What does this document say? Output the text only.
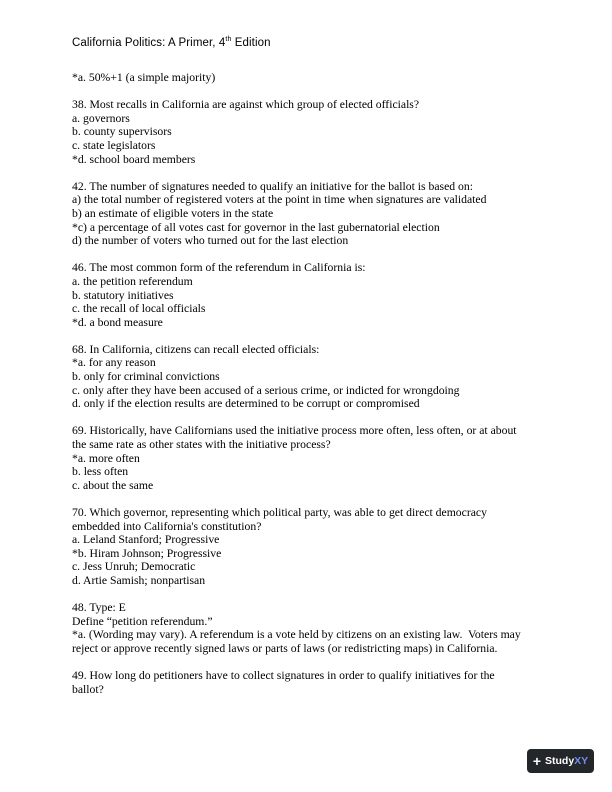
California Politics: A Primer, 4th Edition
*a. 50%+1 (a simple majority)
38. Most recalls in California are against which group of elected officials?
a. governors
b. county supervisors
c. state legislators
*d. school board members
42. The number of signatures needed to qualify an initiative for the ballot is based on:
a) the total number of registered voters at the point in time when signatures are validated
b) an estimate of eligible voters in the state
*c) a percentage of all votes cast for governor in the last gubernatorial election
d) the number of voters who turned out for the last election
46. The most common form of the referendum in California is:
a. the petition referendum
b. statutory initiatives
c. the recall of local officials
*d. a bond measure
68. In California, citizens can recall elected officials:
*a. for any reason
b. only for criminal convictions
c. only after they have been accused of a serious crime, or indicted for wrongdoing
d. only if the election results are determined to be corrupt or compromised
69. Historically, have Californians used the initiative process more often, less often, or at about
the same rate as other states with the initiative process?
*a. more often
b. less often
c. about the same
70. Which governor, representing which political party, was able to get direct democracy
embedded into California's constitution?
a. Leland Stanford; Progressive
*b. Hiram Johnson; Progressive
c. Jess Unruh; Democratic
d. Artie Samish; nonpartisan
48. Type: E
Define “petition referendum.”
*a. (Wording may vary). A referendum is a vote held by citizens on an existing law.  Voters may
reject or approve recently signed laws or parts of laws (or redistricting maps) in California.
49. How long do petitioners have to collect signatures in order to qualify initiatives for the
ballot?
+ Study XY
